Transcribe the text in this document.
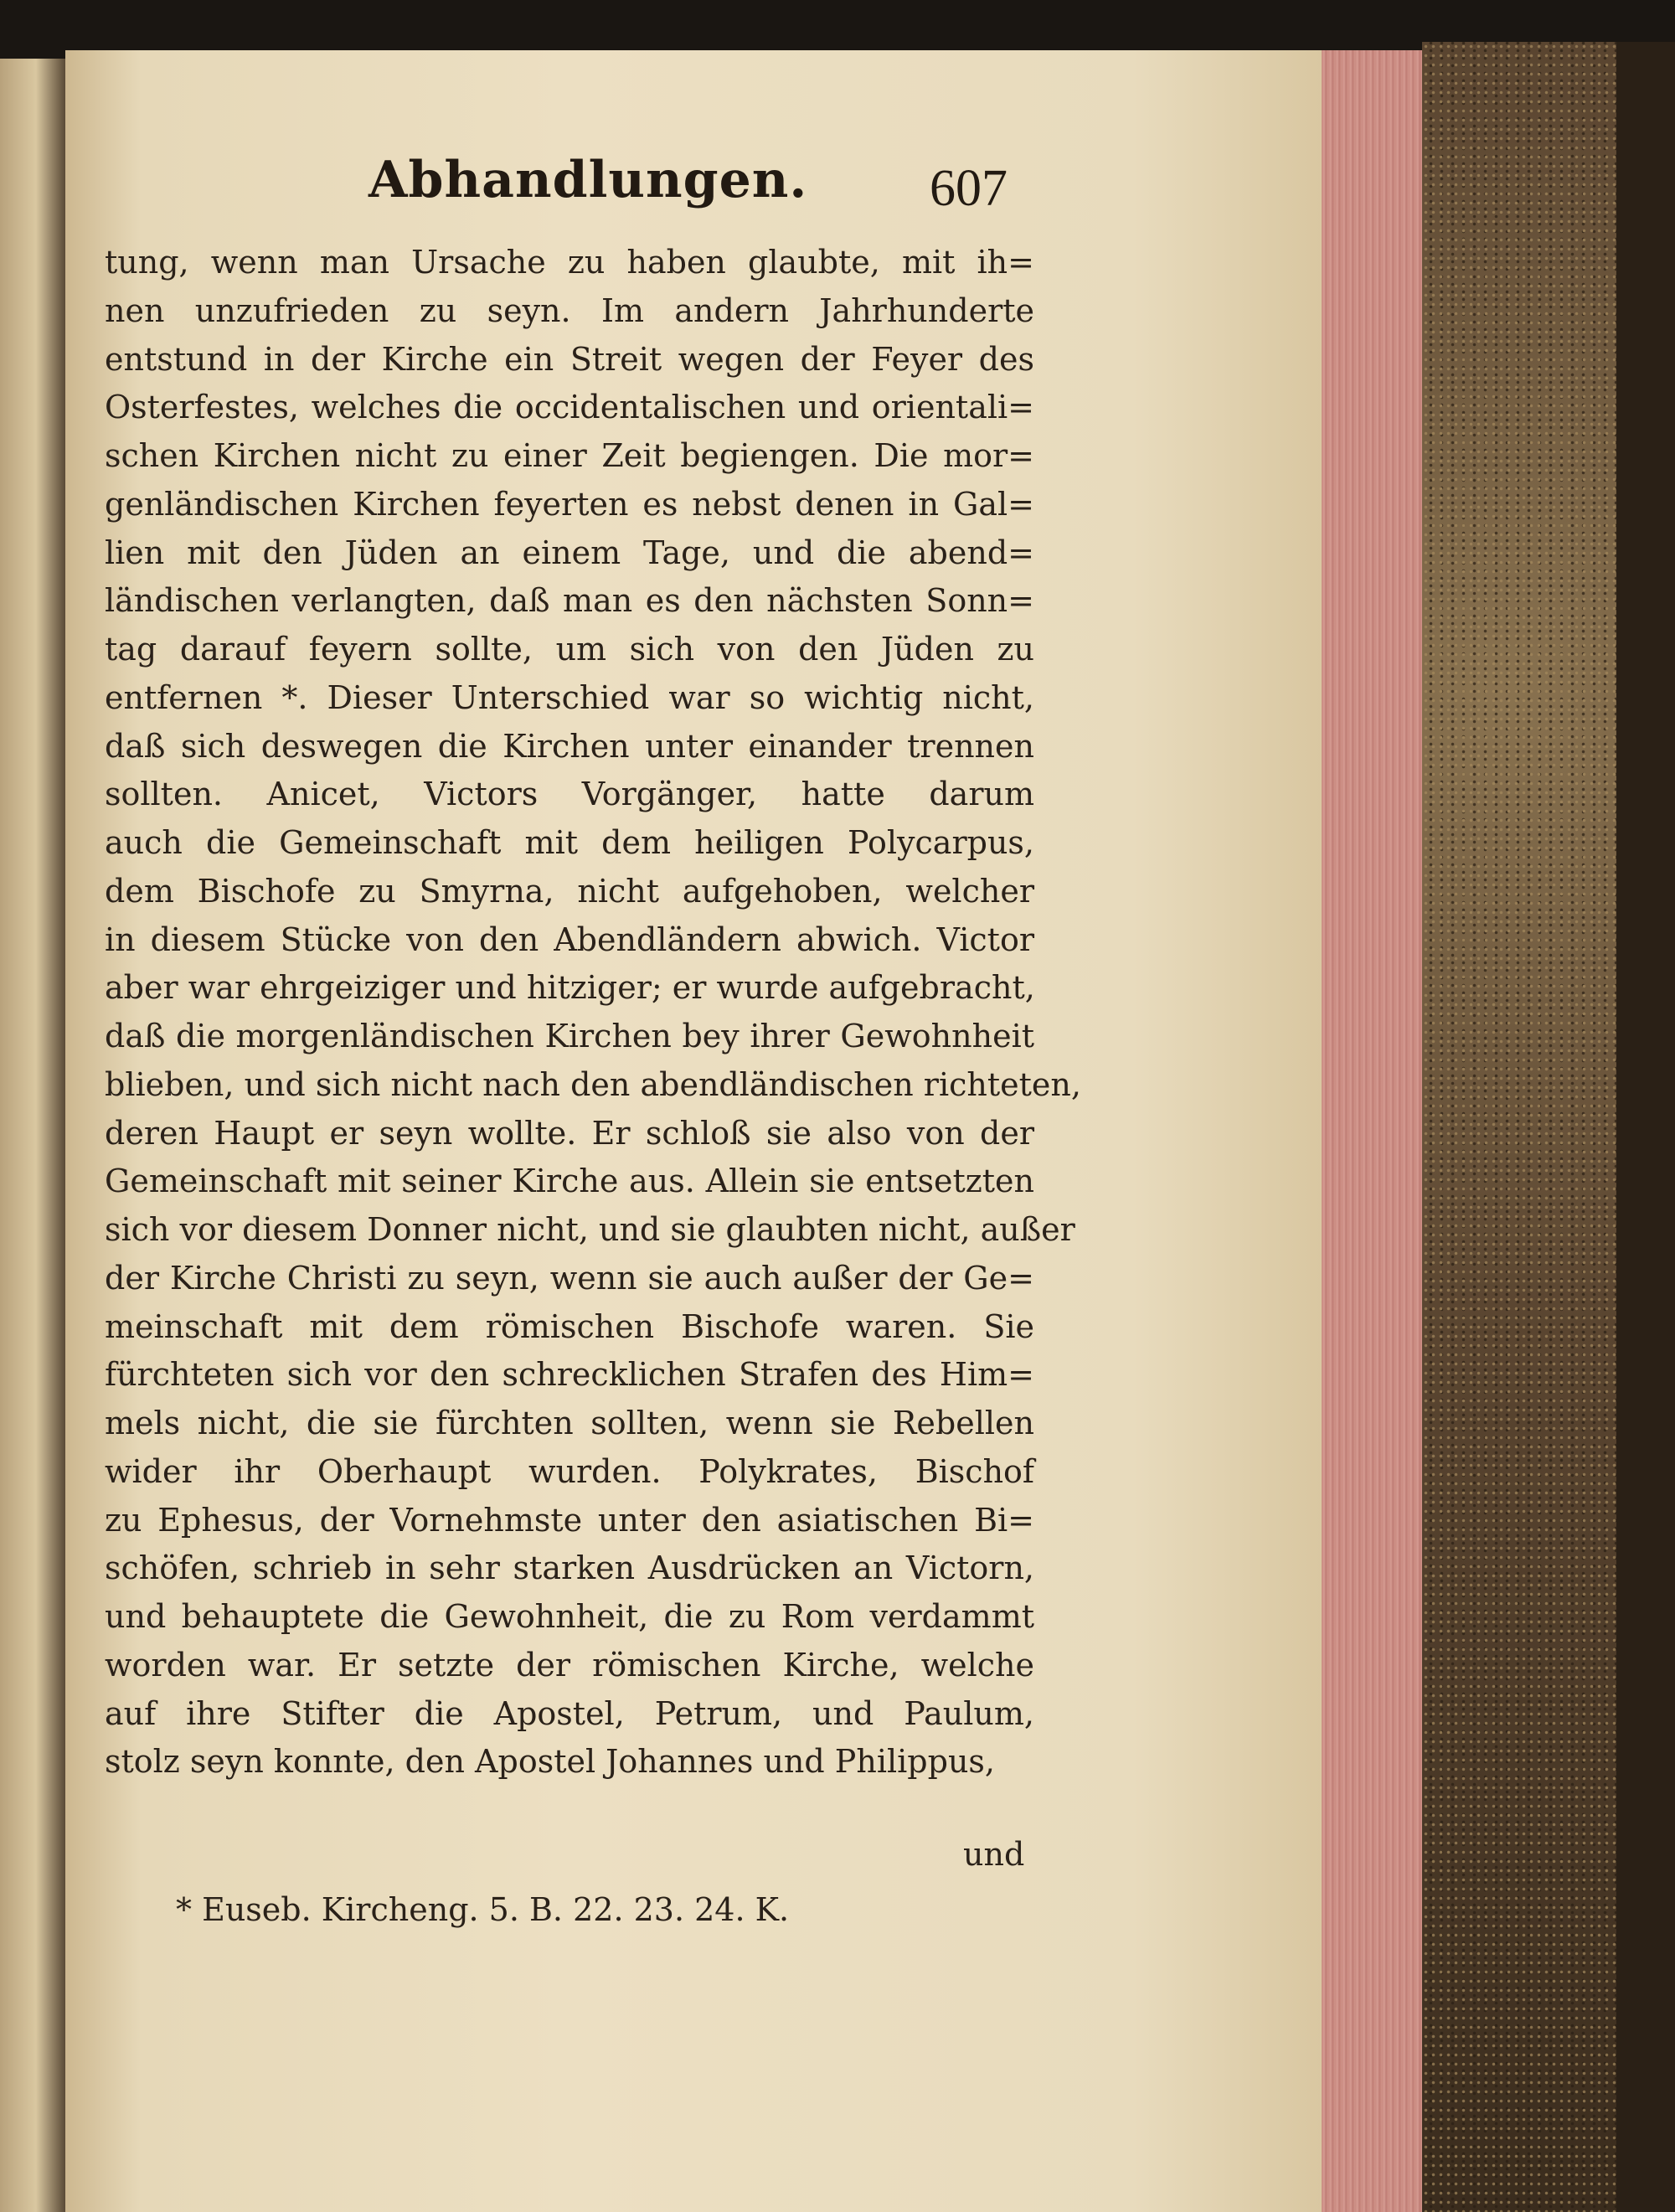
Abhandlungen. 607
tung, wenn man Ursache zu haben glaubte, mit ih=
nen unzufrieden zu seyn. Im andern Jahrhunderte
entstund in der Kirche ein Streit wegen der Feyer des
Osterfestes, welches die occidentalischen und orientali=
schen Kirchen nicht zu einer Zeit begiengen. Die mor=
genländischen Kirchen feyerten es nebst denen in Gal=
lien mit den Jüden an einem Tage, und die abend=
ländischen verlangten, daß man es den nächsten Sonn=
tag darauf feyern sollte, um sich von den Jüden zu
entfernen *. Dieser Unterschied war so wichtig nicht,
daß sich deswegen die Kirchen unter einander trennen
sollten. Anicet, Victors Vorgänger, hatte darum
auch die Gemeinschaft mit dem heiligen Polycarpus,
dem Bischofe zu Smyrna, nicht aufgehoben, welcher
in diesem Stücke von den Abendländern abwich. Victor
aber war ehrgeiziger und hitziger; er wurde aufgebracht,
daß die morgenländischen Kirchen bey ihrer Gewohnheit
blieben, und sich nicht nach den abendländischen richteten,
deren Haupt er seyn wollte. Er schloß sie also von der
Gemeinschaft mit seiner Kirche aus. Allein sie entsetzten
sich vor diesem Donner nicht, und sie glaubten nicht, außer
der Kirche Christi zu seyn, wenn sie auch außer der Ge=
meinschaft mit dem römischen Bischofe waren. Sie
fürchteten sich vor den schrecklichen Strafen des Him=
mels nicht, die sie fürchten sollten, wenn sie Rebellen
wider ihr Oberhaupt wurden. Polykrates, Bischof
zu Ephesus, der Vornehmste unter den asiatischen Bi=
schöfen, schrieb in sehr starken Ausdrücken an Victorn,
und behauptete die Gewohnheit, die zu Rom verdammt
worden war. Er setzte der römischen Kirche, welche
auf ihre Stifter die Apostel, Petrum, und Paulum,
stolz seyn konnte, den Apostel Johannes und Philippus,
und
* Euseb. Kircheng. 5. B. 22. 23. 24. K.
